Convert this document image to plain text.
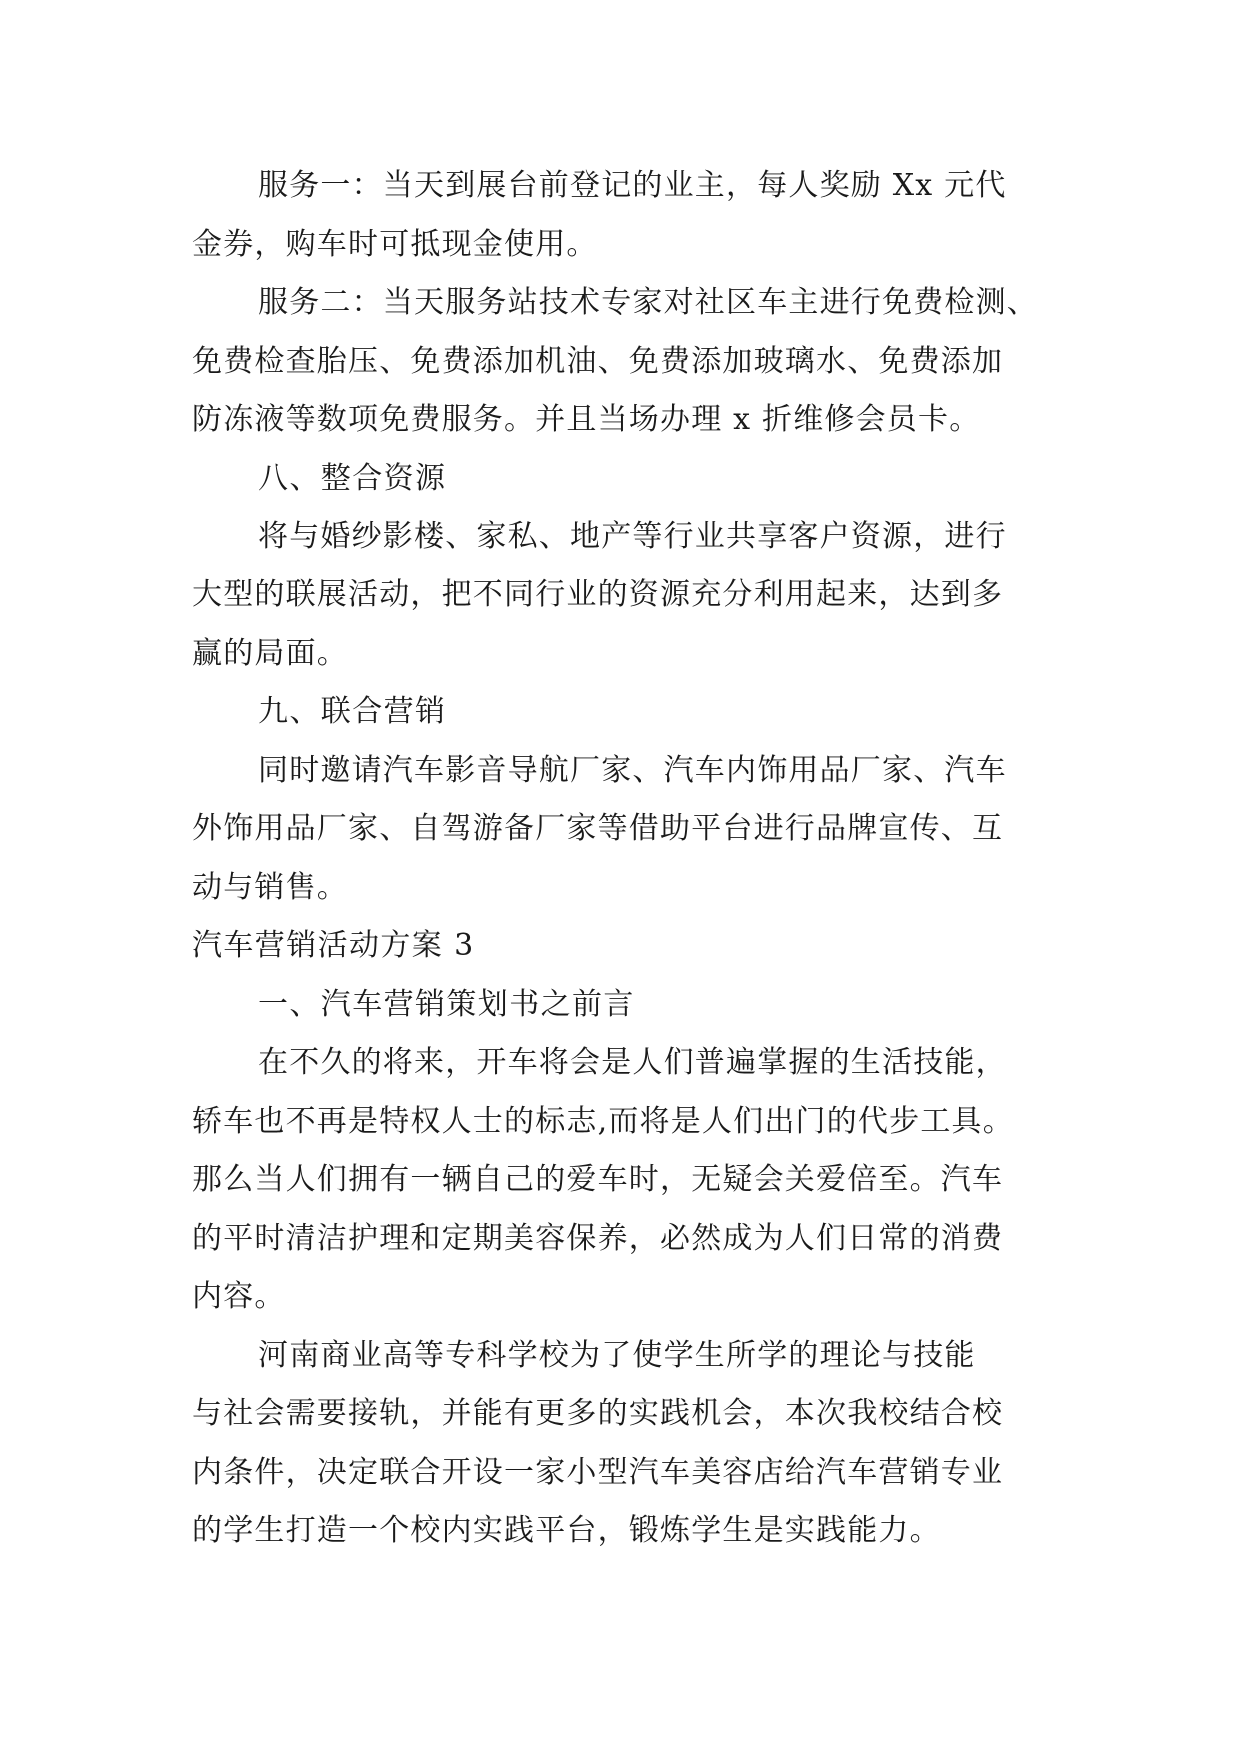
服务一：当天到展台前登记的业主，每人奖励 Xx 元代
金券，购车时可抵现金使用。
服务二：当天服务站技术专家对社区车主进行免费检测、
免费检查胎压、免费添加机油、免费添加玻璃水、免费添加
防冻液等数项免费服务。并且当场办理 x 折维修会员卡。
八、整合资源
将与婚纱影楼、家私、地产等行业共享客户资源，进行
大型的联展活动，把不同行业的资源充分利用起来，达到多
赢的局面。
九、联合营销
同时邀请汽车影音导航厂家、汽车内饰用品厂家、汽车
外饰用品厂家、自驾游备厂家等借助平台进行品牌宣传、互
动与销售。
汽车营销活动方案 3
一、汽车营销策划书之前言
在不久的将来，开车将会是人们普遍掌握的生活技能，
轿车也不再是特权人士的标志,而将是人们出门的代步工具。
那么当人们拥有一辆自己的爱车时，无疑会关爱倍至。汽车
的平时清洁护理和定期美容保养，必然成为人们日常的消费
内容。
河南商业高等专科学校为了使学生所学的理论与技能
与社会需要接轨，并能有更多的实践机会，本次我校结合校
内条件，决定联合开设一家小型汽车美容店给汽车营销专业
的学生打造一个校内实践平台，锻炼学生是实践能力。
